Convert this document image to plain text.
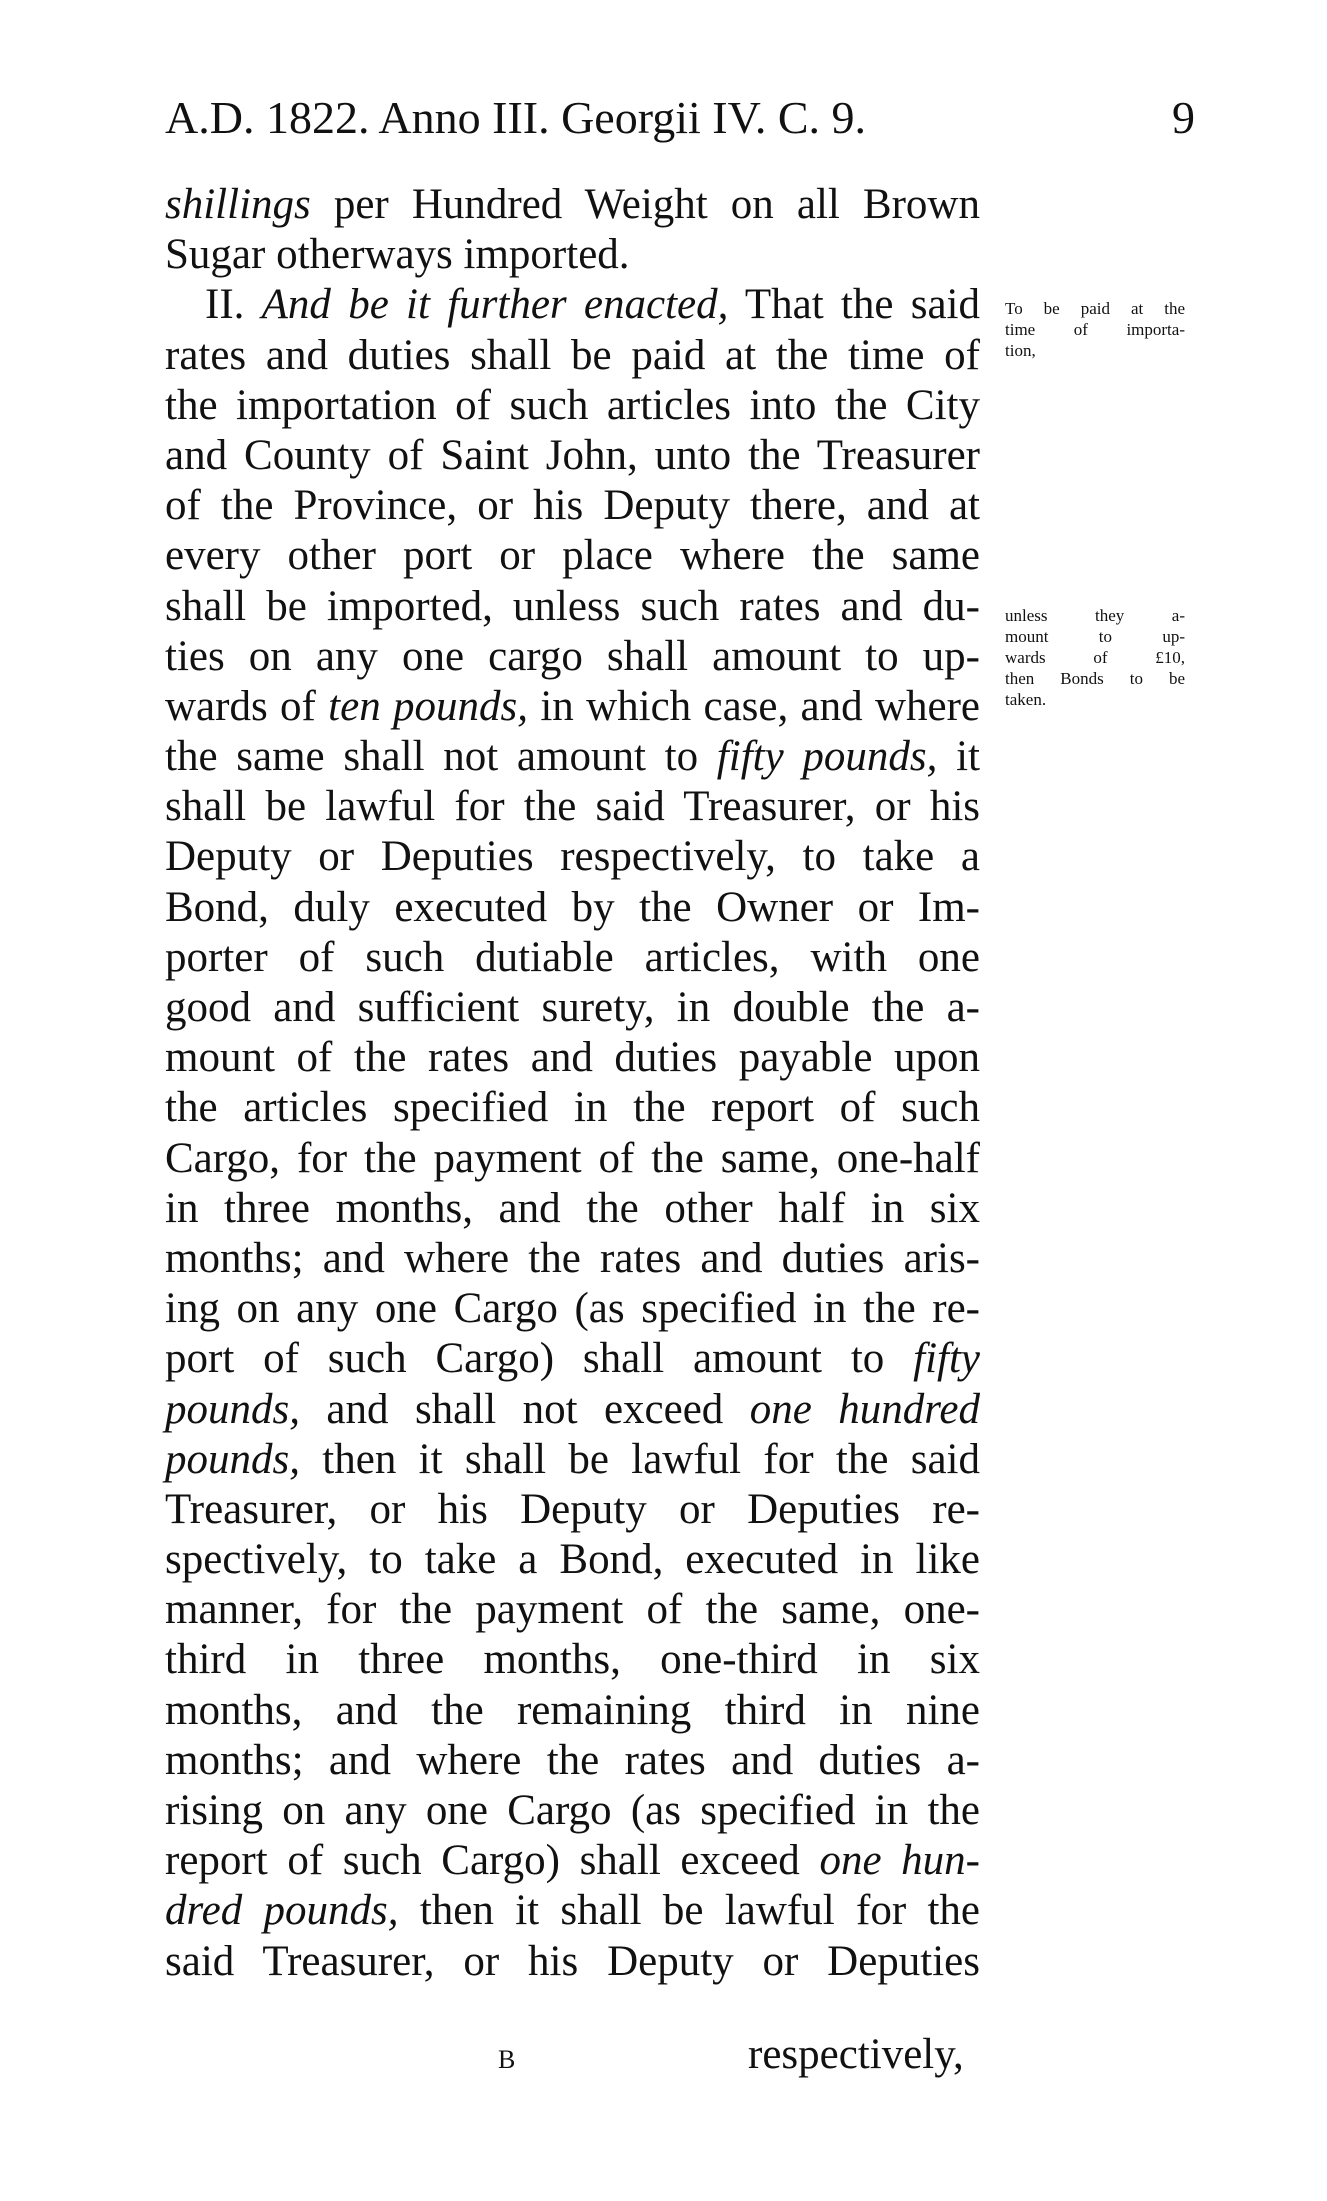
A.D. 1822. Anno III. Georgii IV. C. 9.	9
shillings per Hundred Weight on all Brown
Sugar otherways imported.
II. And be it further enacted, That the said
rates and duties shall be paid at the time of
the importation of such articles into the City
and County of Saint John, unto the Treasurer
of the Province, or his Deputy there, and at
every other port or place where the same
shall be imported, unless such rates and du-
ties on any one cargo shall amount to up-
wards of ten pounds, in which case, and where
the same shall not amount to fifty pounds, it
shall be lawful for the said Treasurer, or his
Deputy or Deputies respectively, to take a
Bond, duly executed by the Owner or Im-
porter of such dutiable articles, with one
good and sufficient surety, in double the a-
mount of the rates and duties payable upon
the articles specified in the report of such
Cargo, for the payment of the same, one-half
in three months, and the other half in six
months; and where the rates and duties aris-
ing on any one Cargo (as specified in the re-
port of such Cargo) shall amount to fifty
pounds, and shall not exceed one hundred
pounds, then it shall be lawful for the said
Treasurer, or his Deputy or Deputies re-
spectively, to take a Bond, executed in like
manner, for the payment of the same, one-
third in three months, one-third in six
months, and the remaining third in nine
months; and where the rates and duties a-
rising on any one Cargo (as specified in the
report of such Cargo) shall exceed one hun-
dred pounds, then it shall be lawful for the
said Treasurer, or his Deputy or Deputies
To be paid at the
time of importa-
tion,
unless they a-
mount to up-
wards of £10,
then Bonds to be
taken.
B	respectively,
